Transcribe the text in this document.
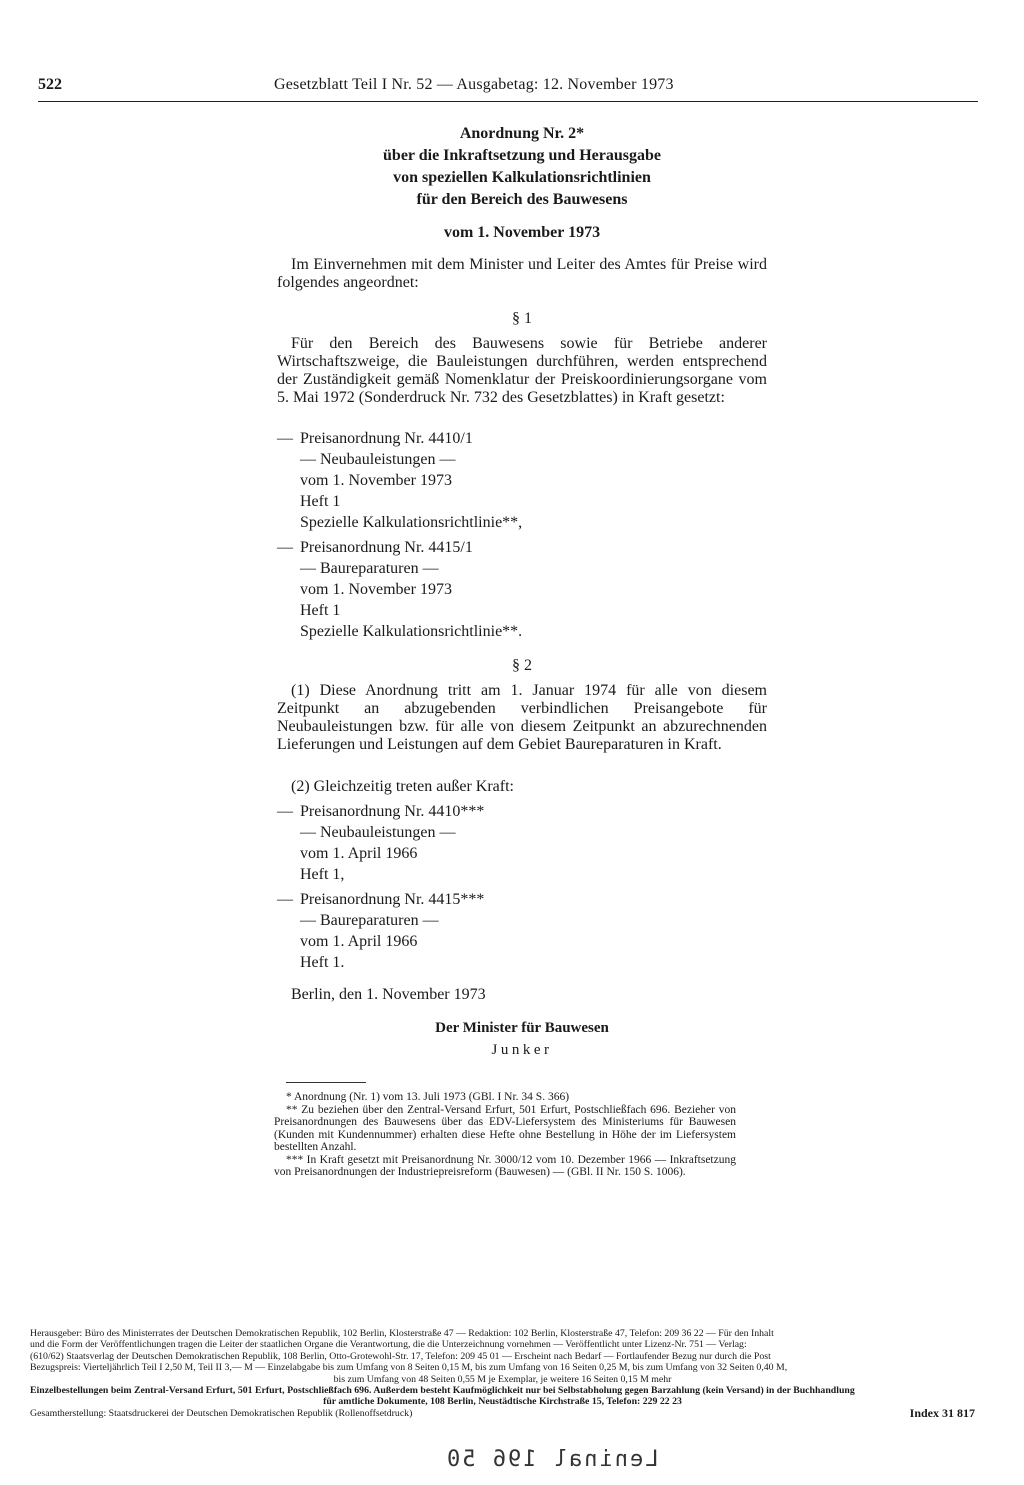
522	Gesetzblatt Teil I Nr. 52 — Ausgabetag: 12. November 1973
Anordnung Nr. 2*
über die Inkraftsetzung und Herausgabe
von speziellen Kalkulationsrichtlinien
für den Bereich des Bauwesens
vom 1. November 1973
Im Einvernehmen mit dem Minister und Leiter des Amtes für Preise wird folgendes angeordnet:
§ 1
Für den Bereich des Bauwesens sowie für Betriebe anderer Wirtschaftszweige, die Bauleistungen durchführen, werden entsprechend der Zuständigkeit gemäß Nomenklatur der Preiskoordinierungsorgane vom 5. Mai 1972 (Sonderdruck Nr. 732 des Gesetzblattes) in Kraft gesetzt:
— Preisanordnung Nr. 4410/1
— Neubauleistungen —
vom 1. November 1973
Heft 1
Spezielle Kalkulationsrichtlinie**,
— Preisanordnung Nr. 4415/1
— Baureparaturen —
vom 1. November 1973
Heft 1
Spezielle Kalkulationsrichtlinie**.
§ 2
(1) Diese Anordnung tritt am 1. Januar 1974 für alle von diesem Zeitpunkt an abzugebenden verbindlichen Preisangebote für Neubauleistungen bzw. für alle von diesem Zeitpunkt an abzurechnenden Lieferungen und Leistungen auf dem Gebiet Baureparaturen in Kraft.
(2) Gleichzeitig treten außer Kraft:
— Preisanordnung Nr. 4410***
— Neubauleistungen —
vom 1. April 1966
Heft 1,
— Preisanordnung Nr. 4415***
— Baureparaturen —
vom 1. April 1966
Heft 1.
Berlin, den 1. November 1973
Der Minister für Bauwesen
Junker

* Anordnung (Nr. 1) vom 13. Juli 1973 (GBl. I Nr. 34 S. 366)

** Zu beziehen über den Zentral-Versand Erfurt, 501 Erfurt, Postschließfach 696. Bezieher von Preisanordnungen des Bauwesens über das EDV-Liefersystem des Ministeriums für Bauwesen (Kunden mit Kundennummer) erhalten diese Hefte ohne Bestellung in Höhe der im Liefersystem bestellten Anzahl.

*** In Kraft gesetzt mit Preisanordnung Nr. 3000/12 vom 10. Dezember 1966 — Inkraftsetzung von Preisanordnungen der Industriepreisreform (Bauwesen) — (GBl. II Nr. 150 S. 1006).

Herausgeber: Büro des Ministerrates der Deutschen Demokratischen Republik, 102 Berlin, Klosterstraße 47 — Redaktion: 102 Berlin, Klosterstraße 47, Telefon: 209 36 22 — Für den Inhalt
und die Form der Veröffentlichungen tragen die Leiter der staatlichen Organe die Verantwortung, die die Unterzeichnung vornehmen — Veröffentlicht unter Lizenz-Nr. 751 — Verlag:
(610/62) Staatsverlag der Deutschen Demokratischen Republik, 108 Berlin, Otto-Grotewohl-Str. 17, Telefon: 209 45 01 — Erscheint nach Bedarf — Fortlaufender Bezug nur durch die Post
Bezugspreis: Vierteljährlich Teil I 2,50 M, Teil II 3,— M — Einzelabgabe bis zum Umfang von 8 Seiten 0,15 M, bis zum Umfang von 16 Seiten 0,25 M, bis zum Umfang von 32 Seiten 0,40 M,
bis zum Umfang von 48 Seiten 0,55 M je Exemplar, je weitere 16 Seiten 0,15 M mehr
Einzelbestellungen beim Zentral-Versand Erfurt, 501 Erfurt, Postschließfach 696. Außerdem besteht Kaufmöglichkeit nur bei Selbstabholung gegen Barzahlung (kein Versand) in der Buchhandlung
für amtliche Dokumente, 108 Berlin, Neustädtische Kirchstraße 15, Telefon: 229 22 23
Gesamtherstellung: Staatsdruckerei der Deutschen Demokratischen Republik (Rollenoffsetdruck)	Index 31 817
Leninal 196 50
